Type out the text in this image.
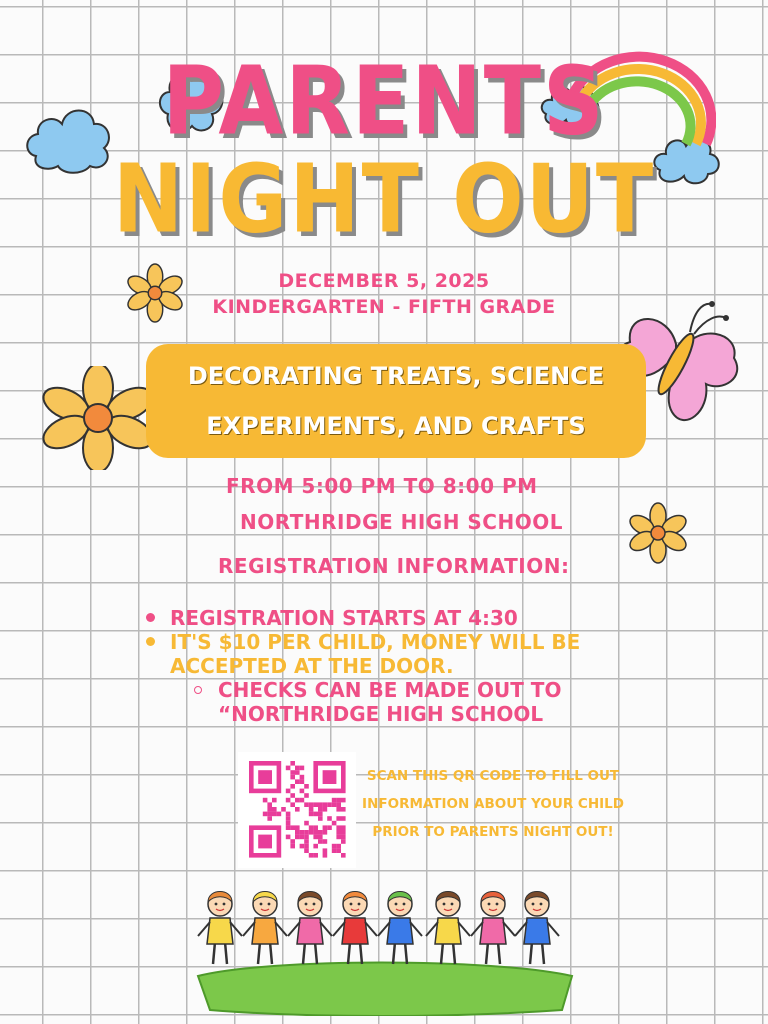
PARENTS
NIGHT OUT
DECEMBER 5, 2025
KINDERGARTEN - FIFTH GRADE
DECORATING TREATS, SCIENCE
EXPERIMENTS, AND CRAFTS
FROM 5:00 PM TO 8:00 PM
NORTHRIDGE HIGH SCHOOL
REGISTRATION INFORMATION:
REGISTRATION STARTS AT 4:30
IT'S $10 PER CHILD, MONEY WILL BE ACCEPTED AT THE DOOR.
CHECKS CAN BE MADE OUT TO
“NORTHRIDGE HIGH SCHOOL
SCAN THIS QR CODE TO FILL OUT
INFORMATION ABOUT YOUR CHILD
PRIOR TO PARENTS NIGHT OUT!
